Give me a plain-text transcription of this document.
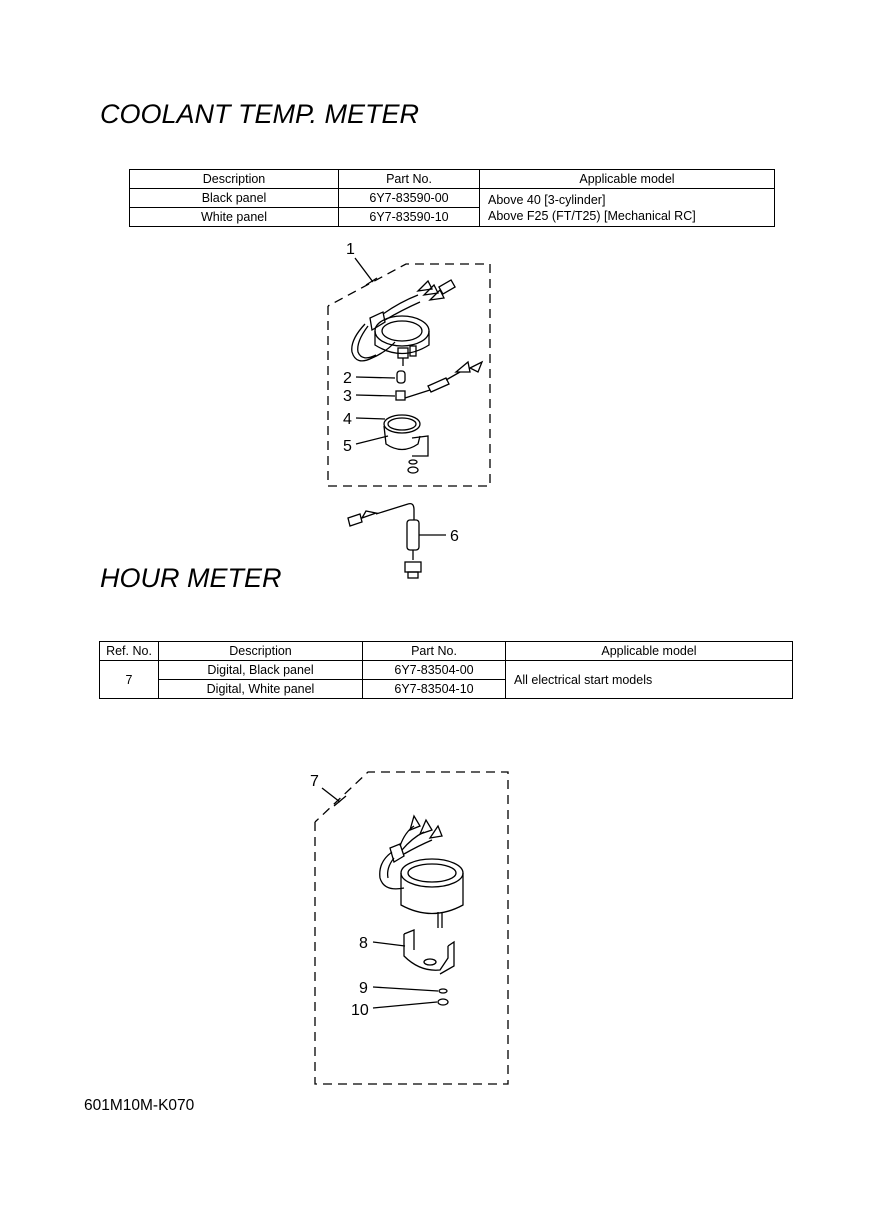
COOLANT TEMP. METER
Description	Part No.	Applicable model
Black panel	6Y7-83590-00	Above 40 [3-cylinder]
Above F25 (FT/T25) [Mechanical RC]

White panel	6Y7-83590-10	
HOUR METER
Ref. No.	Description	Part No.	Applicable model
7	Digital, Black panel	6Y7-83504-00	All electrical start models
	Digital, White panel	6Y7-83504-10	
1
2
3
4
5
6
7
8
9
10
601M10M-K070
